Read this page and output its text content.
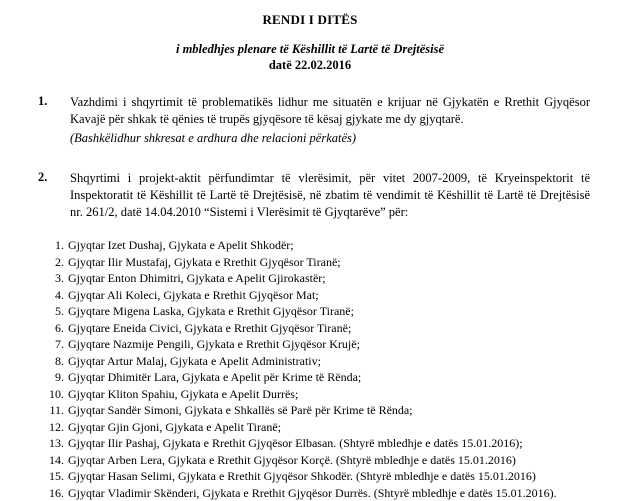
RENDI I DITËS
i mbledhjes plenare të Këshillit të Lartë të Drejtësisë
datë 22.02.2016
1. Vazhdimi i shqyrtimit të problematikës lidhur me situatën e krijuar në Gjykatën e Rrethit Gjyqësor Kavajë për shkak të qënies të trupës gjyqësore të kësaj gjykate me dy gjyqtarë.
(Bashkëlidhur shkresat e ardhura dhe relacioni përkatës)
2. Shqyrtimi i projekt-aktit përfundimtar të vlerësimit, për vitet 2007-2009, të Kryeinspektorit të Inspektoratit të Këshillit të Lartë të Drejtësisë, në zbatim të vendimit të Këshillit të Lartë të Drejtësisë nr. 261/2, datë 14.04.2010 “Sistemi i Vlerësimit të Gjyqtarëve” për:
1. Gjyqtar Izet Dushaj, Gjykata e Apelit Shkodër;
2. Gjyqtar Ilir Mustafaj, Gjykata e Rrethit Gjyqësor Tiranë;
3. Gjyqtar Enton Dhimitri, Gjykata e Apelit Gjirokastër;
4. Gjyqtar Ali Koleci, Gjykata e Rrethit Gjyqësor Mat;
5. Gjyqtare Migena Laska, Gjykata e Rrethit Gjyqësor Tiranë;
6. Gjyqtare Eneida Civici, Gjykata e Rrethit Gjyqësor Tiranë;
7. Gjyqtare Nazmije Pengili, Gjykata e Rrethit Gjyqësor Krujë;
8. Gjyqtar Artur Malaj, Gjykata e Apelit Administrativ;
9. Gjyqtar Dhimitër Lara, Gjykata e Apelit për Krime të Rënda;
10. Gjyqtar Kliton Spahiu, Gjykata e Apelit Durrës;
11. Gjyqtar Sandër Simoni, Gjykata e Shkallës së Parë për Krime të Rënda;
12. Gjyqtar Gjin Gjoni, Gjykata e Apelit Tiranë;
13. Gjyqtar Ilir Pashaj, Gjykata e Rrethit Gjyqësor Elbasan. (Shtyrë mbledhje e datës 15.01.2016);
14. Gjyqtar Arben Lera, Gjykata e Rrethit Gjyqësor Korçë. (Shtyrë mbledhje e datës 15.01.2016)
15. Gjyqtar Hasan Selimi, Gjykata e Rrethit Gjyqësor Shkodër. (Shtyrë mbledhje e datës 15.01.2016)
16. Gjyqtar Vladimir Skënderi, Gjykata e Rrethit Gjyqësor Durrës. (Shtyrë mbledhje e datës 15.01.2016).
